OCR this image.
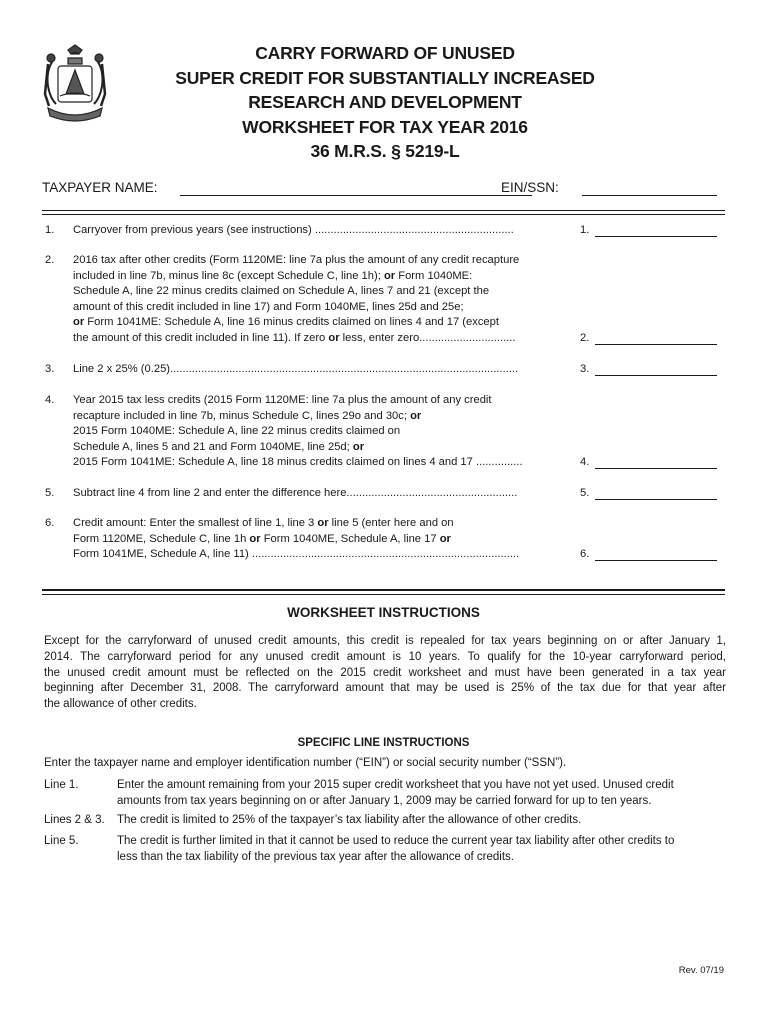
CARRY FORWARD OF UNUSED
SUPER CREDIT FOR SUBSTANTIALLY INCREASED
RESEARCH AND DEVELOPMENT
WORKSHEET FOR TAX YEAR 2016
36 M.R.S. § 5219-L
TAXPAYER NAME:	EIN/SSN:
1. Carryover from previous years (see instructions) ................................................................	1.
2. 2016 tax after other credits (Form 1120ME: line 7a plus the amount of any credit recapture
included in line 7b, minus line 8c (except Schedule C, line 1h); or Form 1040ME:
Schedule A, line 22 minus credits claimed on Schedule A, lines 7 and 21 (except the
amount of this credit included in line 17) and Form 1040ME, lines 25d and 25e;
or Form 1041ME: Schedule A, line 16 minus credits claimed on lines 4 and 17 (except
the amount of this credit included in line 11). If zero or less, enter zero...............................	2.
3. Line 2 x 25% (0.25)................................................................................................................	3.
4. Year 2015 tax less credits (2015 Form 1120ME: line 7a plus the amount of any credit
recapture included in line 7b, minus Schedule C, lines 29o and 30c; or
2015 Form 1040ME: Schedule A, line 22 minus credits claimed on
Schedule A, lines 5 and 21 and Form 1040ME, line 25d; or
2015 Form 1041ME: Schedule A, line 18 minus credits claimed on lines 4 and 17 ...............	4.
5. Subtract line 4 from line 2 and enter the difference here.......................................................	5.
6. Credit amount: Enter the smallest of line 1, line 3 or line 5 (enter here and on
Form 1120ME, Schedule C, line 1h or Form 1040ME, Schedule A, line 17 or
Form 1041ME, Schedule A, line 11) ......................................................................................	6.
WORKSHEET INSTRUCTIONS
Except for the carryforward of unused credit amounts, this credit is repealed for tax years beginning on or after January 1,
2014. The carryforward period for any unused credit amount is 10 years. To qualify for the 10-year carryforward period,
the unused credit amount must be reflected on the 2015 credit worksheet and must have been generated in a tax year
beginning after December 31, 2008. The carryforward amount that may be used is 25% of the tax due for that year after
the allowance of other credits.
SPECIFIC LINE INSTRUCTIONS
Enter the taxpayer name and employer identification number (“EIN”) or social security number (“SSN”).
Line 1.	Enter the amount remaining from your 2015 super credit worksheet that you have not yet used. Unused credit
amounts from tax years beginning on or after January 1, 2009 may be carried forward for up to ten years.
Lines 2 & 3. The credit is limited to 25% of the taxpayer’s tax liability after the allowance of other credits.
Line 5.	The credit is further limited in that it cannot be used to reduce the current year tax liability after other credits to
less than the tax liability of the previous tax year after the allowance of credits.
Rev. 07/19
